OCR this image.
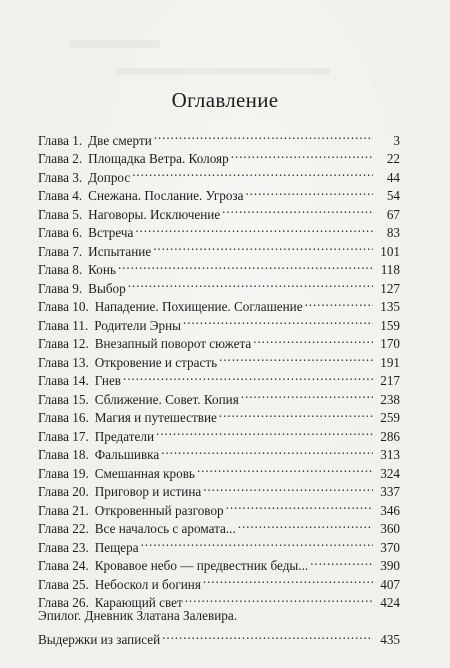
Оглавление
Глава 1. Две смерти . . .	3
Глава 2. Площадка Ветра. Колояр . . .	22
Глава 3. Допрос . . .	44
Глава 4. Снежана. Послание. Угроза . . .	54
Глава 5. Наговоры. Исключение . . .	67
Глава 6. Встреча . . .	83
Глава 7. Испытание . . .	101
Глава 8. Конь . . .	118
Глава 9. Выбор . . .	127
Глава 10. Нападение. Похищение. Соглашение . . .	135
Глава 11. Родители Эрны . . .	159
Глава 12. Внезапный поворот сюжета . . .	170
Глава 13. Откровение и страсть . . .	191
Глава 14. Гнев . . .	217
Глава 15. Сближение. Совет. Копия . . .	238
Глава 16. Магия и путешествие . . .	259
Глава 17. Предатели . . .	286
Глава 18. Фальшивка . . .	313
Глава 19. Смешанная кровь . . .	324
Глава 20. Приговор и истина . . .	337
Глава 21. Откровенный разговор . . .	346
Глава 22. Все началось с аромата... . . .	360
Глава 23. Пещера . . .	370
Глава 24. Кровавое небо — предвестник беды... . . .	390
Глава 25. Небоскол и богиня . . .	407
Глава 26. Карающий свет . . .	424
Эпилог. Дневник Златана Залевира.
Выдержки из записей . . .	435
